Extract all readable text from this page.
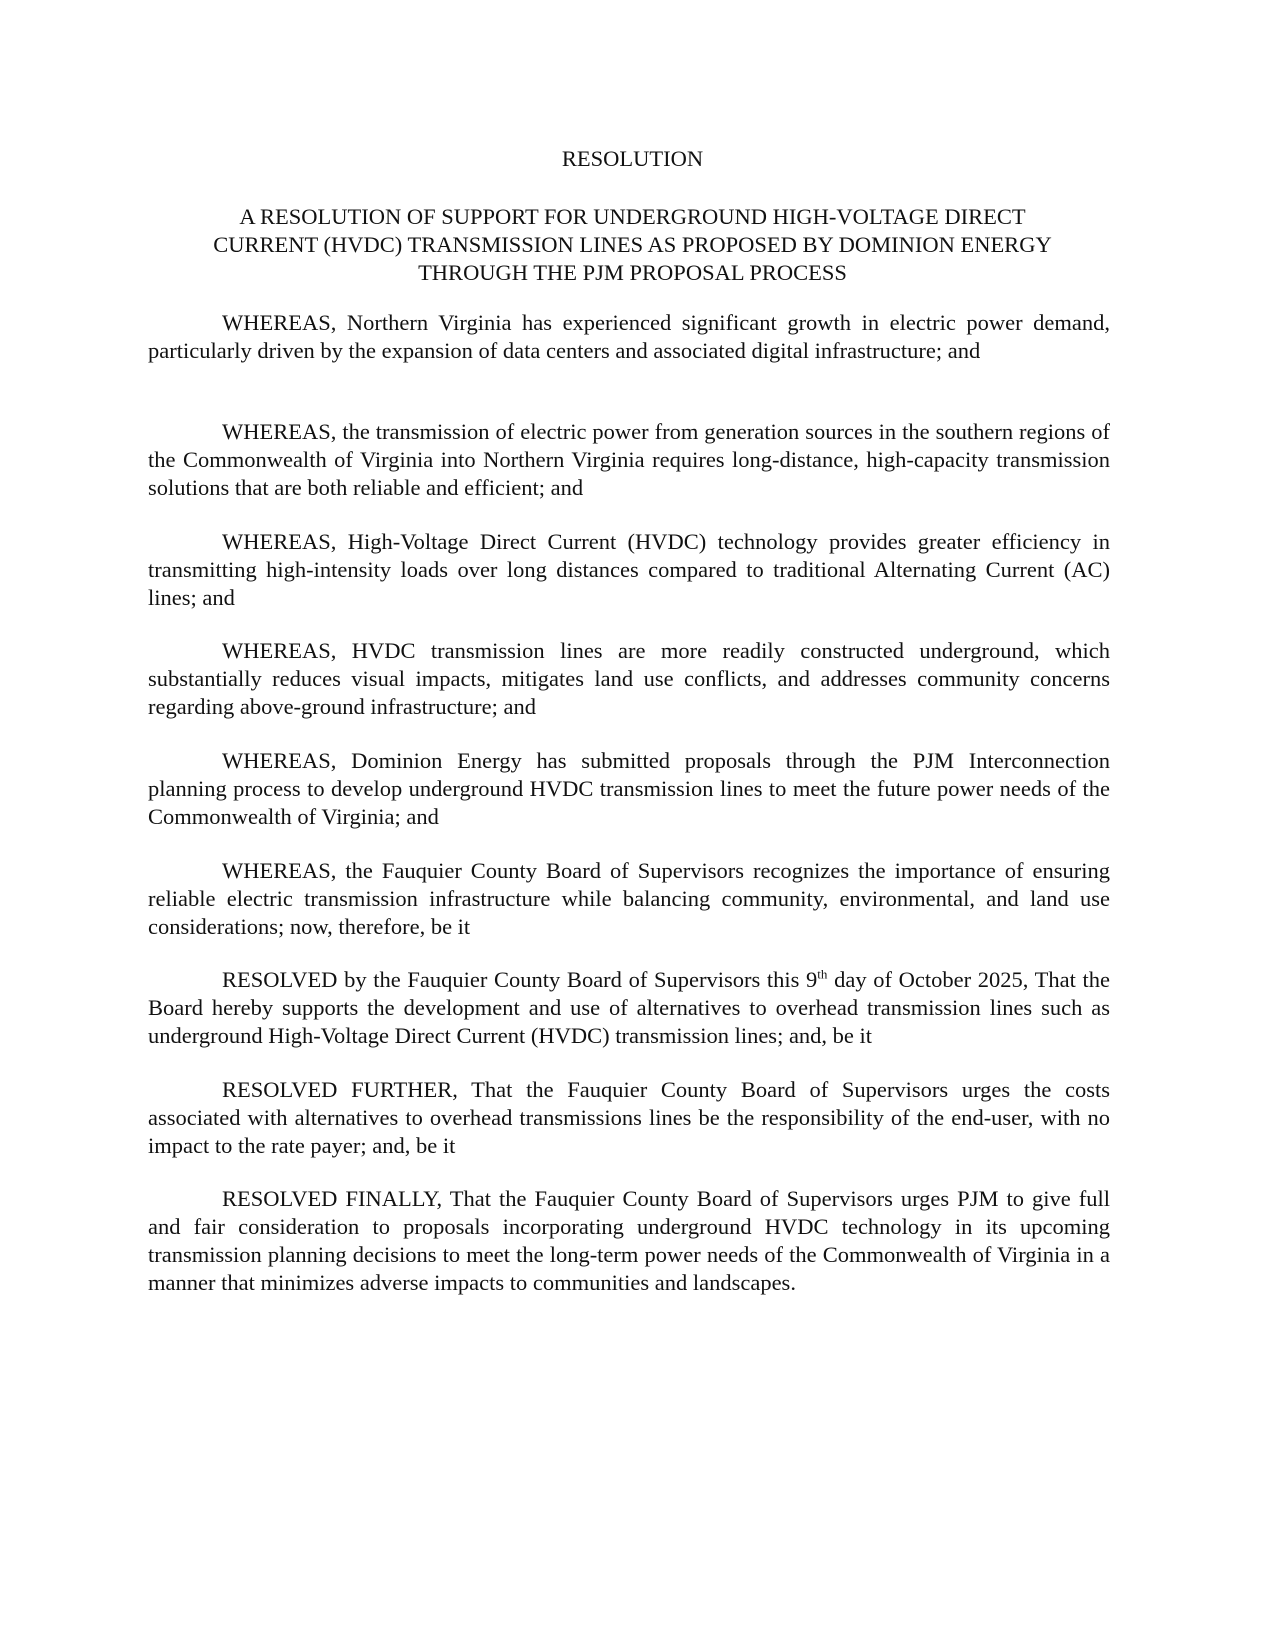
RESOLUTION
A RESOLUTION OF SUPPORT FOR UNDERGROUND HIGH-VOLTAGE DIRECT
CURRENT (HVDC) TRANSMISSION LINES AS PROPOSED BY DOMINION ENERGY
THROUGH THE PJM PROPOSAL PROCESS

WHEREAS, Northern Virginia has experienced significant growth in electric power demand, particularly driven by the expansion of data centers and associated digital infrastructure; and

WHEREAS, the transmission of electric power from generation sources in the southern regions of the Commonwealth of Virginia into Northern Virginia requires long-distance, high-capacity transmission solutions that are both reliable and efficient; and

WHEREAS, High-Voltage Direct Current (HVDC) technology provides greater efficiency in transmitting high-intensity loads over long distances compared to traditional Alternating Current (AC) lines; and

WHEREAS, HVDC transmission lines are more readily constructed underground, which substantially reduces visual impacts, mitigates land use conflicts, and addresses community concerns regarding above-ground infrastructure; and

WHEREAS, Dominion Energy has submitted proposals through the PJM Interconnection planning process to develop underground HVDC transmission lines to meet the future power needs of the Commonwealth of Virginia; and

WHEREAS, the Fauquier County Board of Supervisors recognizes the importance of ensuring reliable electric transmission infrastructure while balancing community, environmental, and land use considerations; now, therefore, be it

RESOLVED by the Fauquier County Board of Supervisors this 9th day of October 2025, That the Board hereby supports the development and use of alternatives to overhead transmission lines such as underground High-Voltage Direct Current (HVDC) transmission lines; and, be it

RESOLVED FURTHER, That the Fauquier County Board of Supervisors urges the costs associated with alternatives to overhead transmissions lines be the responsibility of the end-user, with no impact to the rate payer; and, be it

RESOLVED FINALLY, That the Fauquier County Board of Supervisors urges PJM to give full and fair consideration to proposals incorporating underground HVDC technology in its upcoming transmission planning decisions to meet the long-term power needs of the Commonwealth of Virginia in a manner that minimizes adverse impacts to communities and landscapes.
